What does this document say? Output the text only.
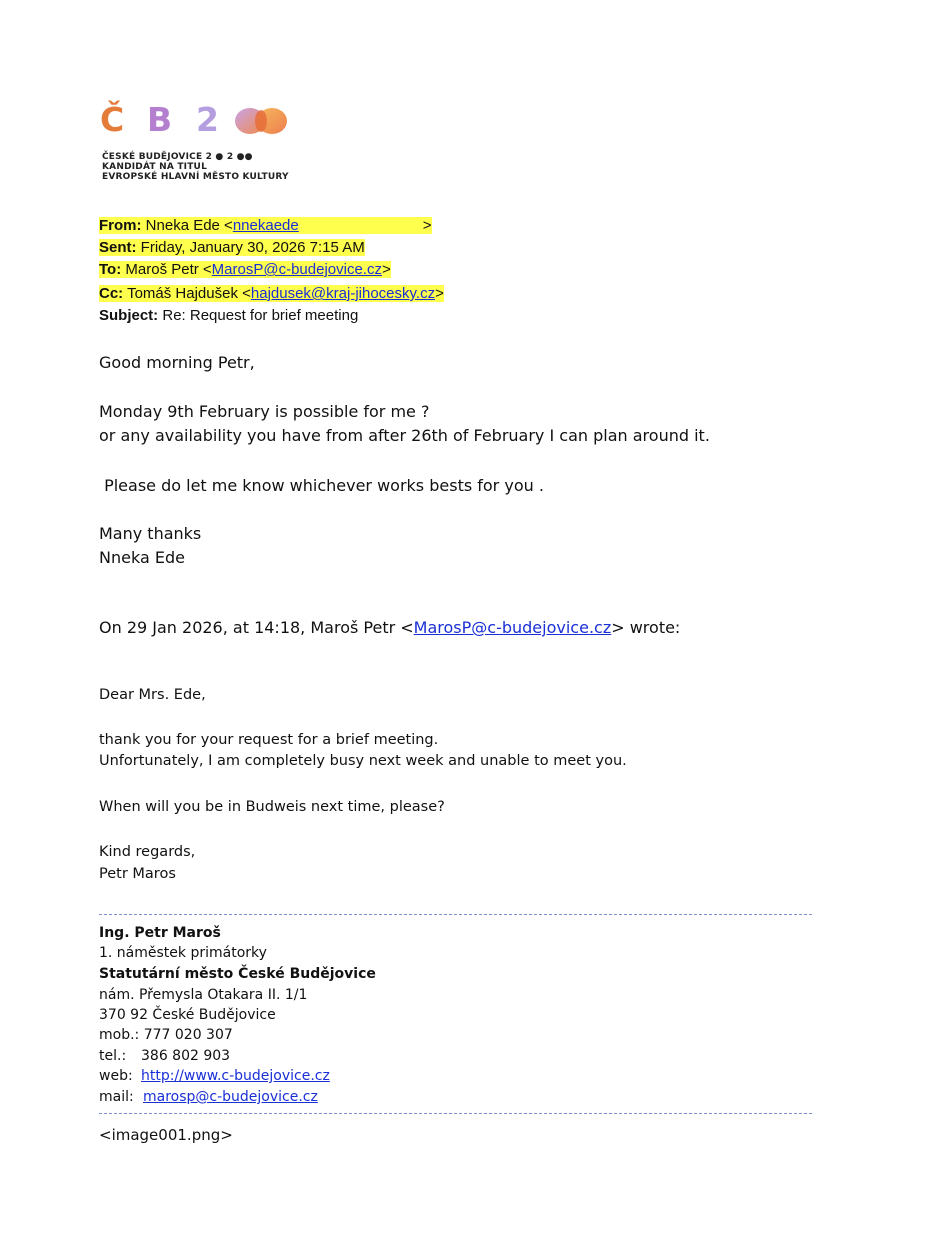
Č B 2
ČESKÉ BUDĚJOVICE 2 ● 2 ●●
KANDIDÁT NA TITUL
EVROPSKÉ HLAVNÍ MĚSTO KULTURY
From: Nneka Ede <nnekaede	>
Sent: Friday, January 30, 2026 7:15 AM
To: Maroš Petr <MarosP@c-budejovice.cz>
Cc: Tomáš Hajdušek <hajdusek@kraj-jihocesky.cz>
Subject: Re: Request for brief meeting
Good morning Petr,
Monday 9th February is possible for me ?
or any availability you have from after 26th of February I can plan around it.
Please do let me know whichever works bests for you .
Many thanks
Nneka Ede
On 29 Jan 2026, at 14:18, Maroš Petr <MarosP@c-budejovice.cz> wrote:
Dear Mrs. Ede,
thank you for your request for a brief meeting.
Unfortunately, I am completely busy next week and unable to meet you.
When will you be in Budweis next time, please?
Kind regards,
Petr Maros
Ing. Petr Maroš
1. náměstek primátorky
Statutární město České Budějovice
nám. Přemysla Otakara II. 1/1
370 92 České Budějovice
mob.: 777 020 307
tel.: 386 802 903
web: http://www.c-budejovice.cz
mail: marosp@c-budejovice.cz
<image001.png>
